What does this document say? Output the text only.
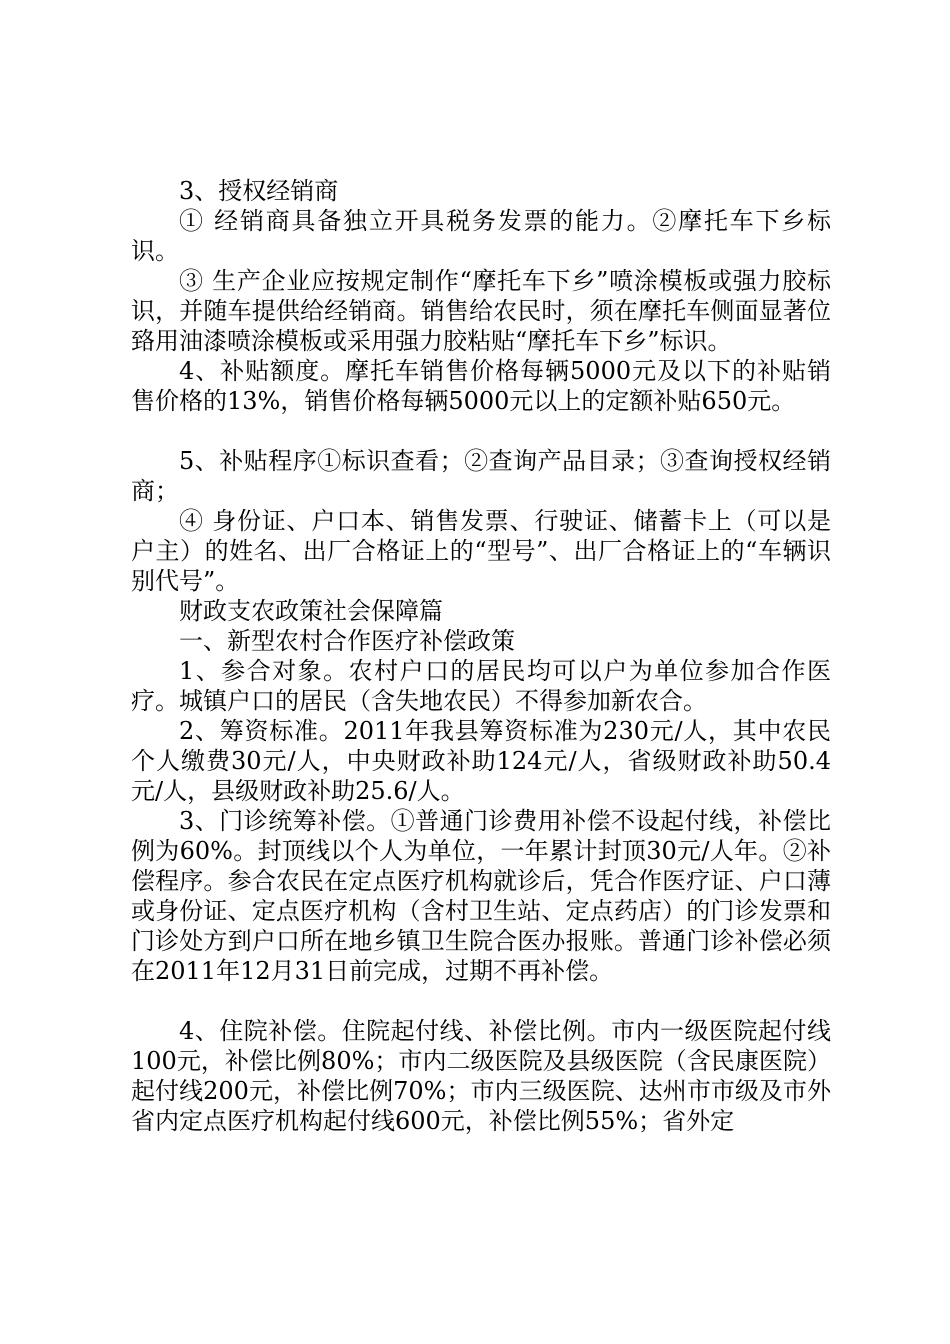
3、授权经销商

① 经销商具备独立开具税务发票的能力。②摩托车下乡标识。

③ 生产企业应按规定制作“摩托车下乡”喷涂模板或强力胶标识，并随车提供给经销商。销售给农民时，须在摩托车侧面显著位臵用油漆喷涂模板或采用强力胶粘贴“摩托车下乡”标识。

4、补贴额度。摩托车销售价格每辆5000元及以下的补贴销售价格的13%，销售价格每辆5000元以上的定额补贴650元。

5、补贴程序①标识查看；②查询产品目录；③查询授权经销商；

④ 身份证、户口本、销售发票、行驶证、储蓄卡上（可以是户主）的姓名、出厂合格证上的“型号”、出厂合格证上的“车辆识别代号”。

财政支农政策社会保障篇

一、新型农村合作医疗补偿政策

1、参合对象。农村户口的居民均可以户为单位参加合作医疗。城镇户口的居民（含失地农民）不得参加新农合。

2、筹资标准。2011年我县筹资标准为230元/人，其中农民个人缴费30元/人，中央财政补助124元/人，省级财政补助50.4元/人，县级财政补助25.6/人。

3、门诊统筹补偿。①普通门诊费用补偿不设起付线，补偿比例为60%。封顶线以个人为单位，一年累计封顶30元/人年。②补偿程序。参合农民在定点医疗机构就诊后，凭合作医疗证、户口薄或身份证、定点医疗机构（含村卫生站、定点药店）的门诊发票和门诊处方到户口所在地乡镇卫生院合医办报账。普通门诊补偿必须在2011年12月31日前完成，过期不再补偿。

4、住院补偿。住院起付线、补偿比例。市内一级医院起付线100元，补偿比例80%；市内二级医院及县级医院（含民康医院）起付线200元，补偿比例70%；市内三级医院、达州市市级及市外省内定点医疗机构起付线600元，补偿比例55%；省外定
